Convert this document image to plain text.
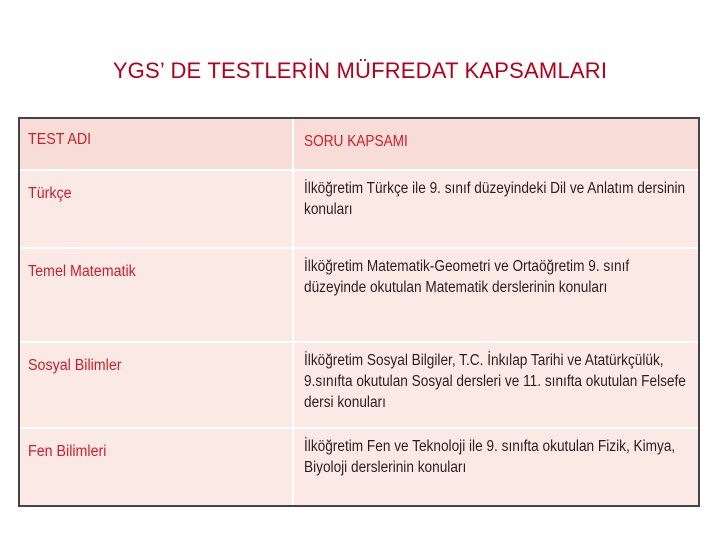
YGS’ DE TESTLERİN MÜFREDAT KAPSAMLARI
TEST ADI	SORU KAPSAMI

Türkçe	İlköğretim Türkçe ile 9. sınıf düzeyindeki Dil ve Anlatım dersinin konuları

Temel Matematik	İlköğretim Matematik-Geometri ve Ortaöğretim 9. sınıf düzeyinde okutulan Matematik derslerinin konuları

Sosyal Bilimler	İlköğretim Sosyal Bilgiler, T.C. İnkılap Tarihi ve Atatürkçülük, 9.sınıfta okutulan Sosyal dersleri ve 11. sınıfta okutulan Felsefe dersi konuları

Fen Bilimleri	İlköğretim Fen ve Teknoloji ile 9. sınıfta okutulan Fizik, Kimya, Biyoloji derslerinin konuları
